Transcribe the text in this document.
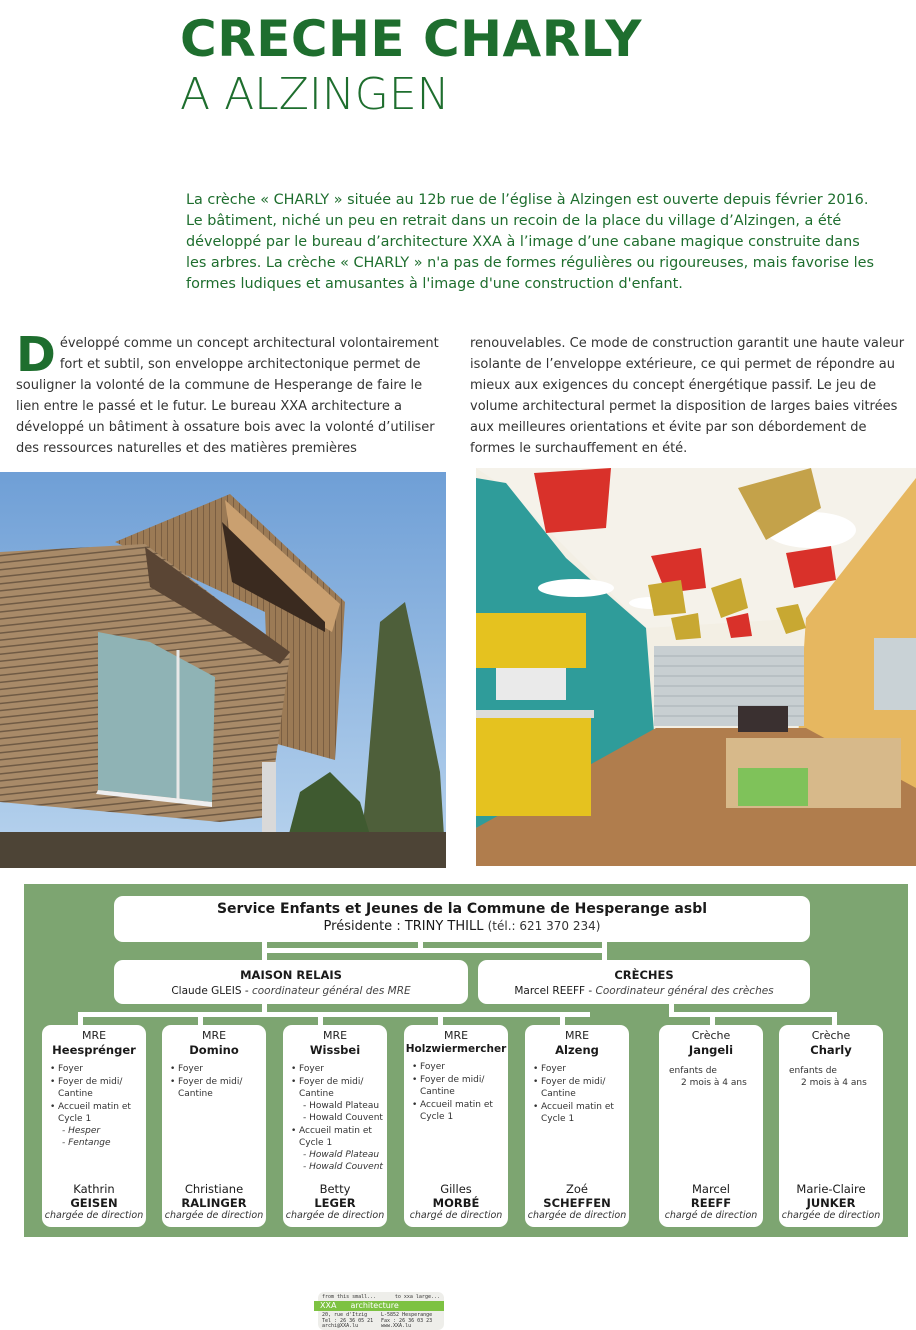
CRECHE CHARLY
A ALZINGEN
La crèche « CHARLY » située au 12b rue de l’église à Alzingen est ouverte depuis février 2016. Le bâtiment, niché un peu en retrait dans un recoin de la place du village d’Alzingen, a été développé par le bureau d’architecture XXA à l’image d’une cabane magique construite dans les arbres. La crèche « CHARLY » n'a pas de formes régulières ou rigoureuses, mais favorise les formes ludiques et amusantes à l'image d'une construction d'enfant.
Développé comme un concept architectural volontairement fort et subtil, son enveloppe architectonique permet de souligner la volonté de la commune de Hesperange de faire le lien entre le passé et le futur. Le bureau XXA architecture a développé un bâtiment à ossature bois avec la volonté d’utiliser des ressources naturelles et des matières premières
renouvelables. Ce mode de construction garantit une haute valeur isolante de l’enveloppe extérieure, ce qui permet de répondre au mieux aux exigences du concept énergétique passif. Le jeu de volume architectural permet la disposition de larges baies vitrées aux meilleures orientations et évite par son débordement de formes le surchauffement en été.
from this small...	to xxa large...
XXA architecture
20, rue d'Itzig	L-5852 Hesperange
Tel : 26 36 05 21	Fax : 26 36 03 23
archi@XXA.lu	www.XXA.lu
Service Enfants et Jeunes de la Commune de Hesperange asbl
Présidente : TRINY THILL (tél.: 621 370 234)
MAISON RELAIS
Claude GLEIS - coordinateur général des MRE
CRÈCHES
Marcel REEFF - Coordinateur général des crèches
MRE
Heesprénger
• Foyer
• Foyer de midi/ Cantine
• Accueil matin et Cycle 1
- Hesper
- Fentange
Kathrin
GEISEN
chargée de direction
MRE
Domino
• Foyer
• Foyer de midi/ Cantine
Christiane
RALINGER
chargée de direction
MRE
Wissbei
• Foyer
• Foyer de midi/ Cantine
- Howald Plateau
- Howald Couvent
• Accueil matin et Cycle 1
- Howald Plateau
- Howald Couvent
Betty
LEGER
chargée de direction
MRE
Holzwiermercher
• Foyer
• Foyer de midi/ Cantine
• Accueil matin et Cycle 1
Gilles
MORBÉ
chargé de direction
MRE
Alzeng
• Foyer
• Foyer de midi/ Cantine
• Accueil matin et Cycle 1
Zoé
SCHEFFEN
chargée de direction
Crèche
Jangeli
enfants de
2 mois à 4 ans
Marcel
REEFF
chargé de direction
Crèche
Charly
enfants de
2 mois à 4 ans
Marie-Claire
JUNKER
chargée de direction
